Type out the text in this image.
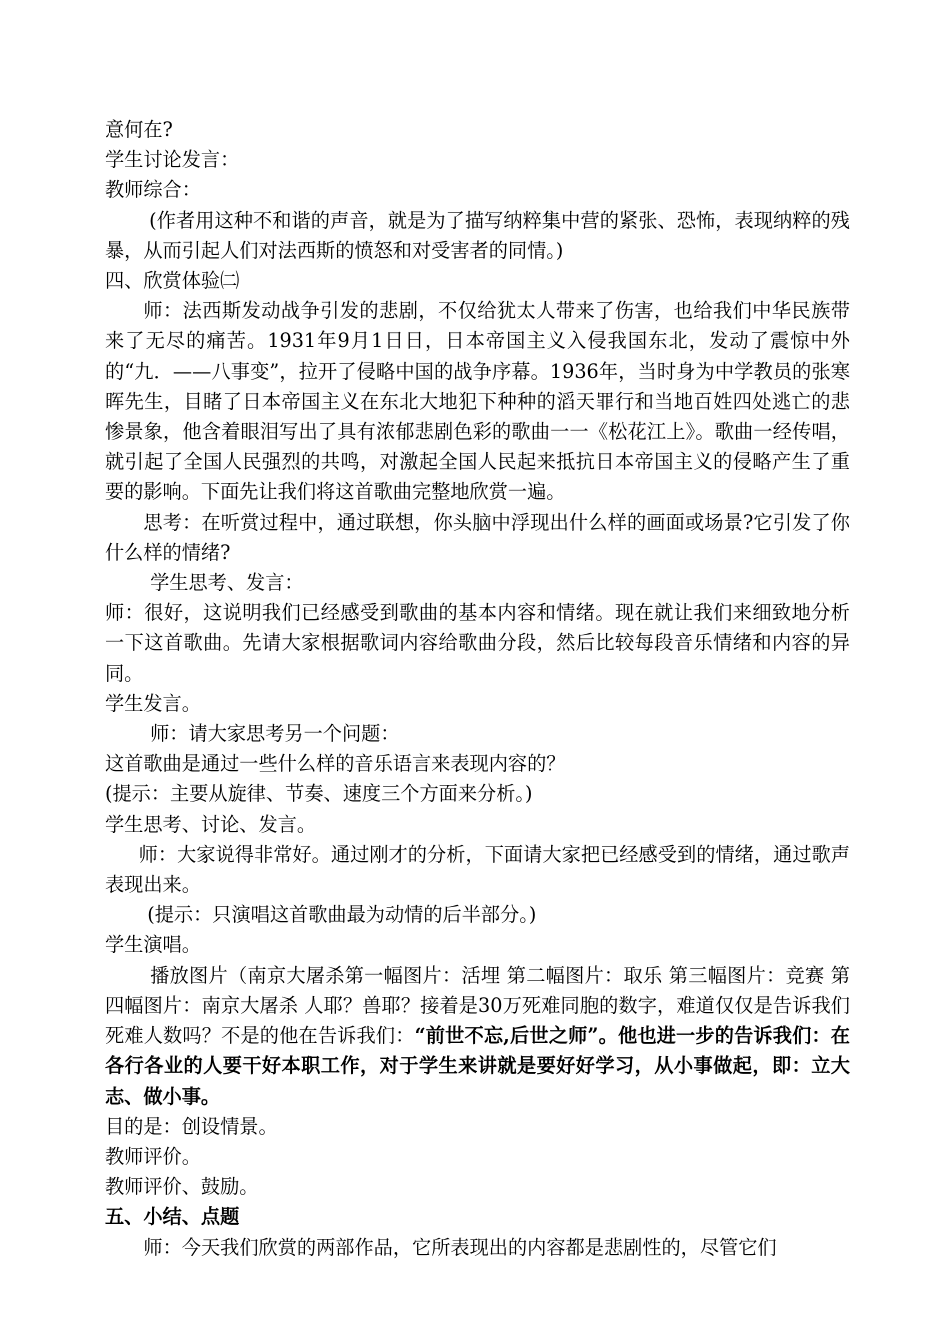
意何在?

学生讨论发言：

教师综合：

(作者用这种不和谐的声音，就是为了描写纳粹集中营的紧张、恐怖，表现纳粹的残暴，从而引起人们对法西斯的愤怒和对受害者的同情。)

四、欣赏体验㈡

师：法西斯发动战争引发的悲剧，不仅给犹太人带来了伤害，也给我们中华民族带来了无尽的痛苦。1931年9月1日日，日本帝国主义入侵我国东北，发动了震惊中外的“九．——八事变”，拉开了侵略中国的战争序幕。1936年，当时身为中学教员的张寒晖先生，目睹了日本帝国主义在东北大地犯下种种的滔天罪行和当地百姓四处逃亡的悲惨景象，他含着眼泪写出了具有浓郁悲剧色彩的歌曲一一《松花江上》。歌曲一经传唱，就引起了全国人民强烈的共鸣，对激起全国人民起来抵抗日本帝国主义的侵略产生了重要的影响。下面先让我们将这首歌曲完整地欣赏一遍。

思考：在听赏过程中，通过联想，你头脑中浮现出什么样的画面或场景?它引发了你什么样的情绪?

学生思考、发言：

师：很好，这说明我们已经感受到歌曲的基本内容和情绪。现在就让我们来细致地分析一下这首歌曲。先请大家根据歌词内容给歌曲分段，然后比较每段音乐情绪和内容的异同。

学生发言。

师：请大家思考另一个问题：

这首歌曲是通过一些什么样的音乐语言来表现内容的？

(提示：主要从旋律、节奏、速度三个方面来分析。)

学生思考、讨论、发言。

师：大家说得非常好。通过刚才的分析，下面请大家把已经感受到的情绪，通过歌声表现出来。

(提示：只演唱这首歌曲最为动情的后半部分。)

学生演唱。

播放图片（南京大屠杀第一幅图片：活埋 第二幅图片：取乐 第三幅图片：竞赛 第四幅图片：南京大屠杀 人耶？兽耶？接着是30万死难同胞的数字，难道仅仅是告诉我们死难人数吗？不是的他在告诉我们：“前世不忘,后世之师”。他也进一步的告诉我们：在各行各业的人要干好本职工作，对于学生来讲就是要好好学习，从小事做起，即：立大志、做小事。

目的是：创设情景。

教师评价。

教师评价、鼓励。

五、小结、点题

师：今天我们欣赏的两部作品，它所表现出的内容都是悲剧性的，尽管它们
